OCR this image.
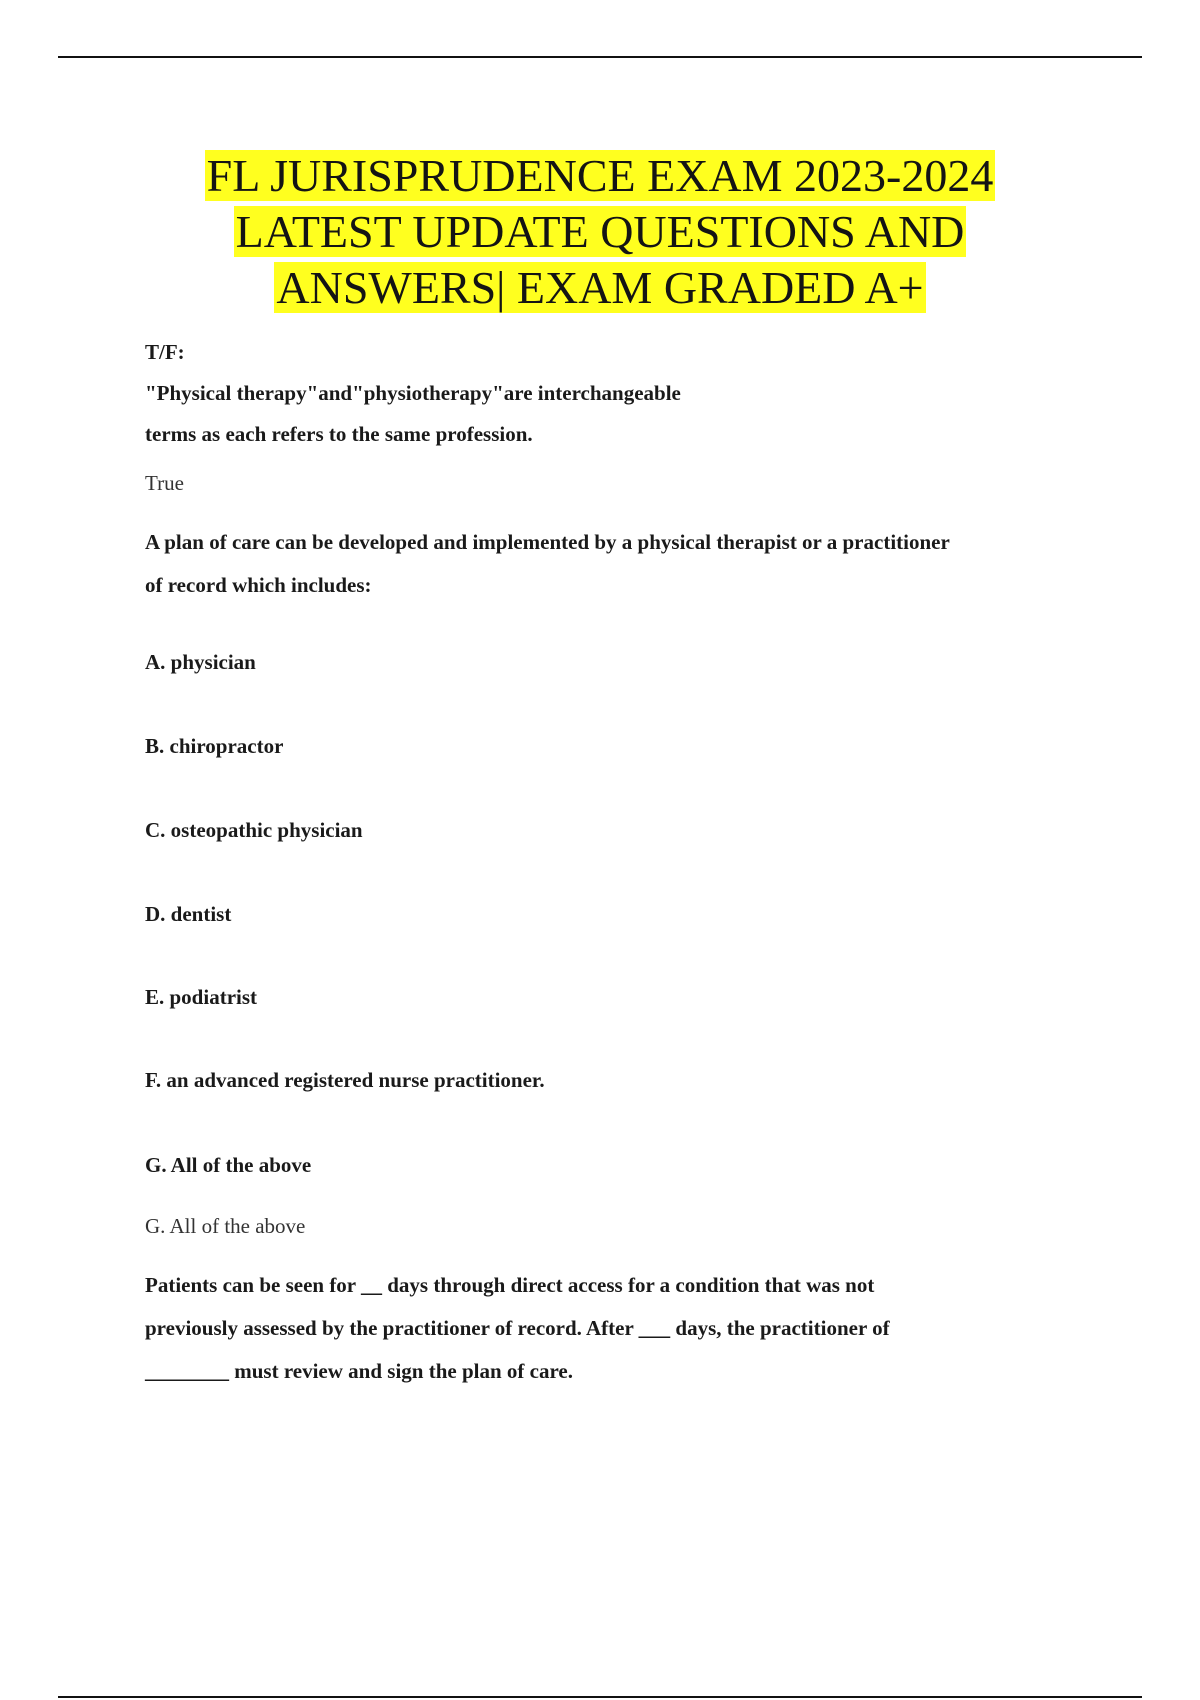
FL JURISPRUDENCE EXAM 2023-2024
LATEST UPDATE QUESTIONS AND
ANSWERS| EXAM GRADED A+
T/F:
"Physical therapy"and"physiotherapy"are interchangeable
terms as each refers to the same profession.
True
A plan of care can be developed and implemented by a physical therapist or a practitioner
of record which includes:
A. physician
B. chiropractor
C. osteopathic physician
D. dentist
E. podiatrist
F. an advanced registered nurse practitioner.
G. All of the above
G. All of the above
Patients can be seen for __ days through direct access for a condition that was not
previously assessed by the practitioner of record. After ___ days, the practitioner of
________ must review and sign the plan of care.
